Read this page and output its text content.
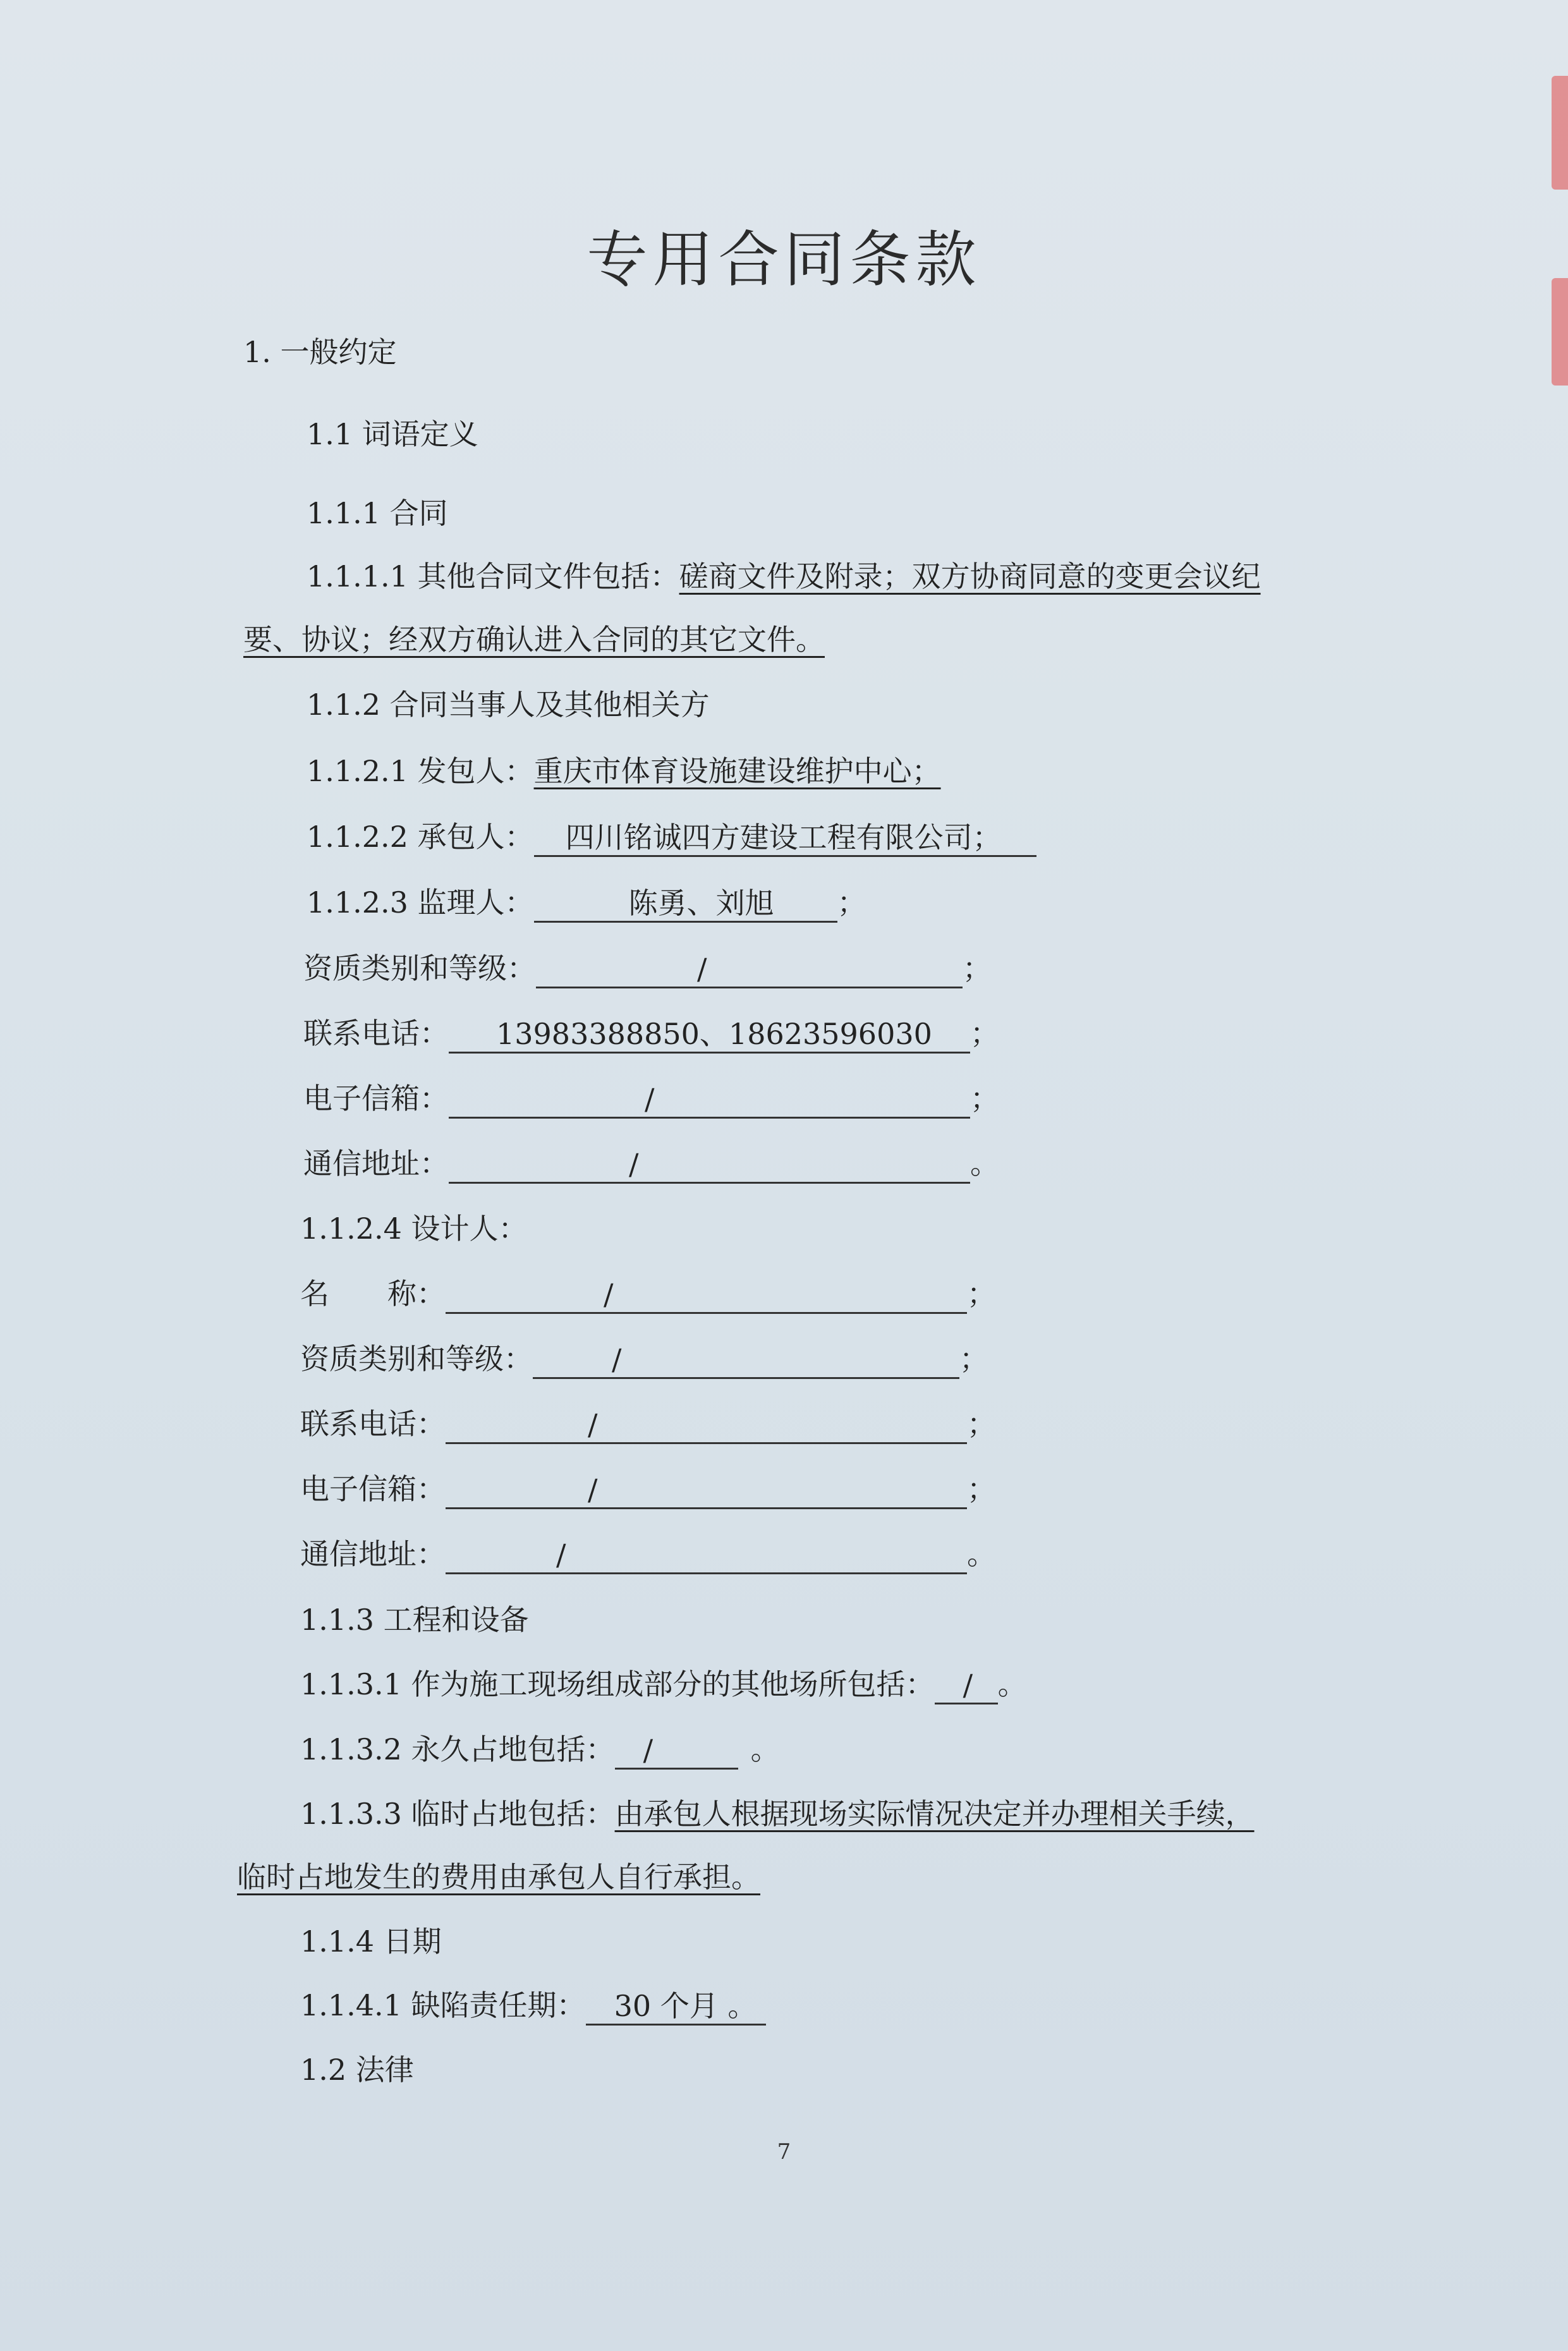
专用合同条款
1. 一般约定
1.1 词语定义
1.1.1 合同
1.1.1.1 其他合同文件包括：磋商文件及附录；双方协商同意的变更会议纪
要、协议；经双方确认进入合同的其它文件。
1.1.2 合同当事人及其他相关方
1.1.2.1 发包人：重庆市体育设施建设维护中心；
1.1.2.2 承包人： 四川铭诚四方建设工程有限公司；
1.1.2.3 监理人：	陈勇、刘旭 ；
资质类别和等级：	/	；
联系电话： 13983388850、18623596030 ；
电子信箱：	/	；
通信地址：	/	。
1.1.2.4 设计人：
名　　称：	/	；
资质类别和等级：	/	；
联系电话：	/	；
电子信箱：	/	；
通信地址：	/	。
1.1.3 工程和设备
1.1.3.1 作为施工现场组成部分的其他场所包括： / 。
1.1.3.2 永久占地包括： /	。
1.1.3.3 临时占地包括：由承包人根据现场实际情况决定并办理相关手续，
临时占地发生的费用由承包人自行承担。
1.1.4 日期
1.1.4.1 缺陷责任期： 30 个月 。
1.2 法律
7
